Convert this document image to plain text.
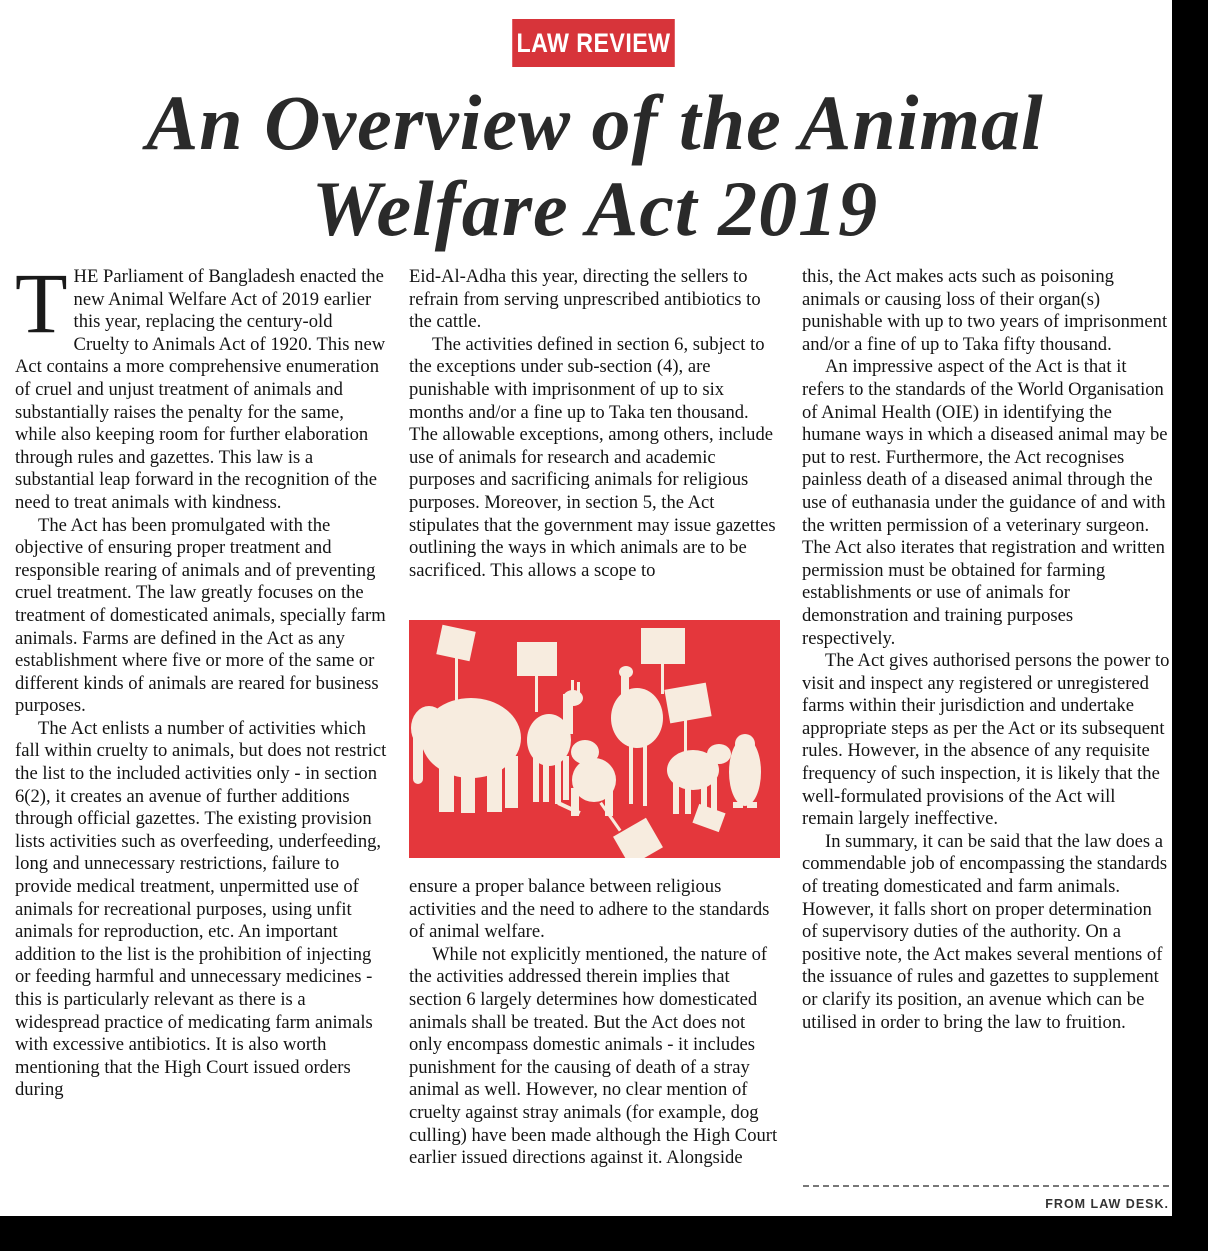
LAW REVIEW
An Overview of the Animal
Welfare Act 2019

THE Parliament of Bangladesh enacted the new Animal Welfare Act of 2019 earlier this year, replacing the century-old Cruelty to Animals Act of 1920. This new Act contains a more comprehensive enumeration of cruel and unjust treatment of animals and substantially raises the penalty for the same, while also keeping room for further elaboration through rules and gazettes. This law is a substantial leap forward in the recognition of the need to treat animals with kindness.

The Act has been promulgated with the objective of ensuring proper treatment and responsible rearing of animals and of preventing cruel treatment. The law greatly focuses on the treatment of domesticated animals, specially farm animals. Farms are defined in the Act as any establishment where five or more of the same or different kinds of animals are reared for business purposes.

The Act enlists a number of activities which fall within cruelty to animals, but does not restrict the list to the included activities only - in section 6(2), it creates an avenue of further additions through official gazettes. The existing provision lists activities such as overfeeding, underfeeding, long and unnecessary restrictions, failure to provide medical treatment, unpermitted use of animals for recreational purposes, using unfit animals for reproduction, etc. An important addition to the list is the prohibition of injecting or feeding harmful and unnecessary medicines - this is particularly relevant as there is a widespread practice of medicating farm animals with excessive antibiotics. It is also worth mentioning that the High Court issued orders during

Eid-Al-Adha this year, directing the sellers to refrain from serving unprescribed antibiotics to the cattle.

The activities defined in section 6, subject to the exceptions under sub-section (4), are punishable with imprisonment of up to six months and/or a fine up to Taka ten thousand. The allowable exceptions, among others, include use of animals for research and academic purposes and sacrificing animals for religious purposes. Moreover, in section 5, the Act stipulates that the government may issue gazettes outlining the ways in which animals are to be sacrificed. This allows a scope to

ensure a proper balance between religious activities and the need to adhere to the standards of animal welfare.

While not explicitly mentioned, the nature of the activities addressed therein implies that section 6 largely determines how domesticated animals shall be treated. But the Act does not only encompass domestic animals - it includes punishment for the causing of death of a stray animal as well. However, no clear mention of cruelty against stray animals (for example, dog culling) have been made although the High Court earlier issued directions against it. Alongside

this, the Act makes acts such as poisoning animals or causing loss of their organ(s) punishable with up to two years of imprisonment and/or a fine of up to Taka fifty thousand.

An impressive aspect of the Act is that it refers to the standards of the World Organisation of Animal Health (OIE) in identifying the humane ways in which a diseased animal may be put to rest. Furthermore, the Act recognises painless death of a diseased animal through the use of euthanasia under the guidance of and with the written permission of a veterinary surgeon. The Act also iterates that registration and written permission must be obtained for farming establishments or use of animals for demonstration and training purposes respectively.

The Act gives authorised persons the power to visit and inspect any registered or unregistered farms within their jurisdiction and undertake appropriate steps as per the Act or its subsequent rules. However, in the absence of any requisite frequency of such inspection, it is likely that the well-formulated provisions of the Act will remain largely ineffective.

In summary, it can be said that the law does a commendable job of encompassing the standards of treating domesticated and farm animals. However, it falls short on proper determination of supervisory duties of the authority. On a positive note, the Act makes several mentions of the issuance of rules and gazettes to supplement or clarify its position, an avenue which can be utilised in order to bring the law to fruition.

FROM LAW DESK.
